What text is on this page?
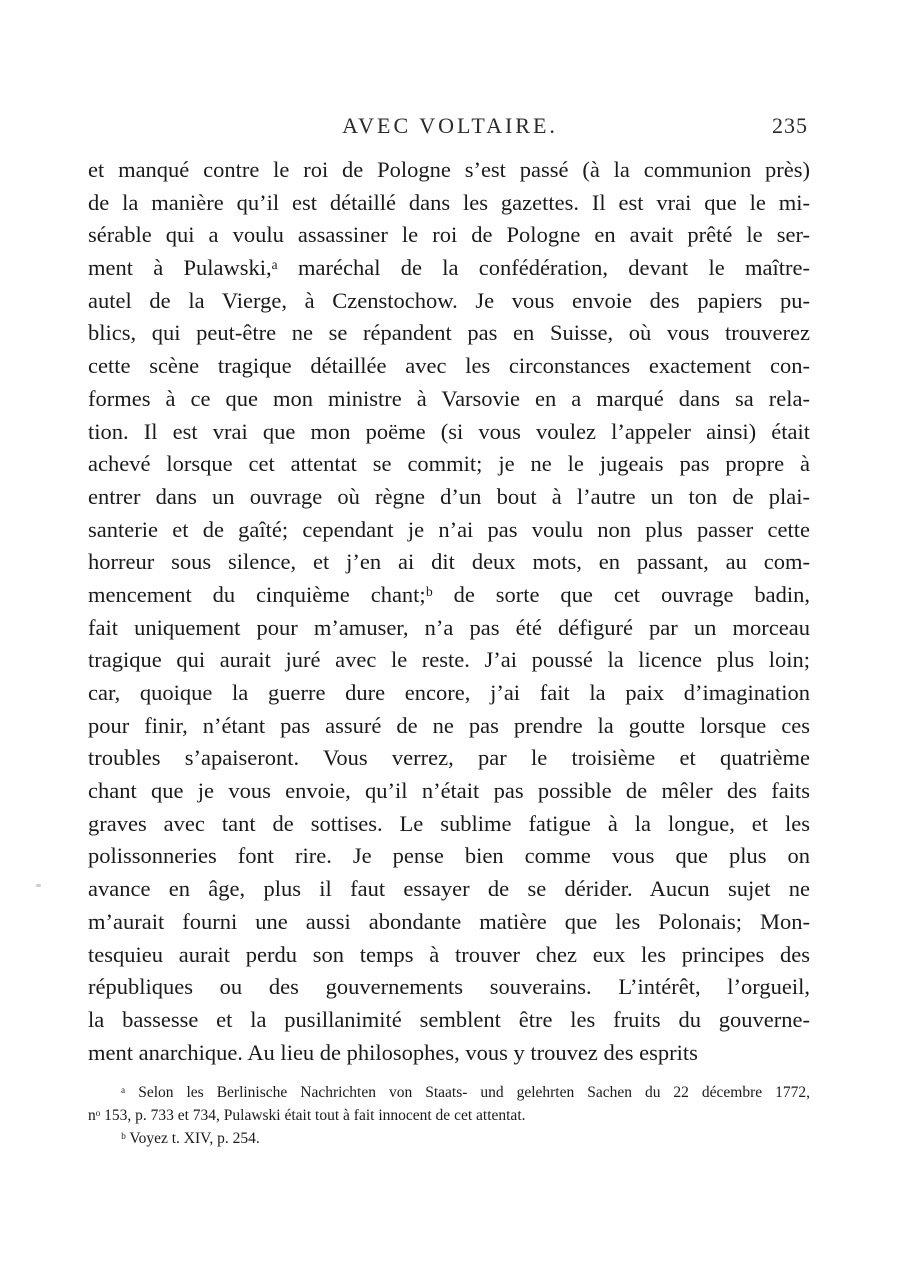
AVEC VOLTAIRE.	235
et manqué contre le roi de Pologne s’est passé (à la communion près)
de la manière qu’il est détaillé dans les gazettes. Il est vrai que le mi-
sérable qui a voulu assassiner le roi de Pologne en avait prêté le ser-
ment à Pulawski,ᵃ maréchal de la confédération, devant le maître-
autel de la Vierge, à Czenstochow. Je vous envoie des papiers pu-
blics, qui peut-être ne se répandent pas en Suisse, où vous trouverez
cette scène tragique détaillée avec les circonstances exactement con-
formes à ce que mon ministre à Varsovie en a marqué dans sa rela-
tion. Il est vrai que mon poëme (si vous voulez l’appeler ainsi) était
achevé lorsque cet attentat se commit; je ne le jugeais pas propre à
entrer dans un ouvrage où règne d’un bout à l’autre un ton de plai-
santerie et de gaîté; cependant je n’ai pas voulu non plus passer cette
horreur sous silence, et j’en ai dit deux mots, en passant, au com-
mencement du cinquième chant;ᵇ de sorte que cet ouvrage badin,
fait uniquement pour m’amuser, n’a pas été défiguré par un morceau
tragique qui aurait juré avec le reste. J’ai poussé la licence plus loin;
car, quoique la guerre dure encore, j’ai fait la paix d’imagination
pour finir, n’étant pas assuré de ne pas prendre la goutte lorsque ces
troubles s’apaiseront. Vous verrez, par le troisième et quatrième
chant que je vous envoie, qu’il n’était pas possible de mêler des faits
graves avec tant de sottises. Le sublime fatigue à la longue, et les
polissonneries font rire. Je pense bien comme vous que plus on
avance en âge, plus il faut essayer de se dérider. Aucun sujet ne
m’aurait fourni une aussi abondante matière que les Polonais; Mon-
tesquieu aurait perdu son temps à trouver chez eux les principes des
républiques ou des gouvernements souverains. L’intérêt, l’orgueil,
la bassesse et la pusillanimité semblent être les fruits du gouverne-
ment anarchique. Au lieu de philosophes, vous y trouvez des esprits
ᵃ Selon les Berlinische Nachrichten von Staats- und gelehrten Sachen du 22 décembre 1772,
nᵒ 153, p. 733 et 734, Pulawski était tout à fait innocent de cet attentat.
ᵇ Voyez t. XIV, p. 254.
